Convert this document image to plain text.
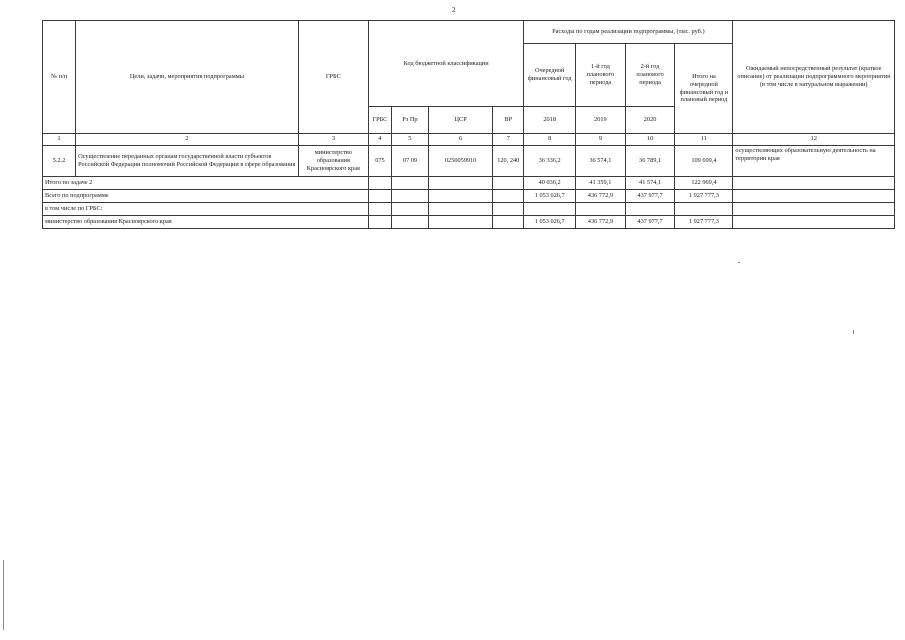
2
№ п/п	Цели, задачи, мероприятия подпрограммы	ГРБС	Код бюджетной классификации				Расходы по годам реализации подпрограммы, (тыс. руб.)				Ожидаемый непосредственный результат (краткое описание) от реализации подпрограммного мероприятия (в том числе в натуральном выражении)
							Очередной финансовый год	1-й год планового периода	2-й год планового периода	Итого на очередной финансовый год и плановый период	
			ГРБС	Рз Пр	ЦСР	ВР	2018	2019	2020		
1	2	3	4	5	6	7	8	9	10	11	12
5.2.2	Осуществление переданных органам государственной власти субъектов Российской Федерации полномочий Российской Федерации в сфере образования	министерство образования Красноярского края	075	07 09	0250059910	120, 240	36 336,2	36 574,1	36 789,1	109 699,4	осуществляющих образовательную деятельность на территории края
Итого по задаче 2							40 036,2	41 359,1	41 574,1	122 969,4	
Всего по подпрограмме							1 053 026,7	436 772,9	437 977,7	1 927 777,3	
в том числе по ГРБС:											
министерство образования Красноярского края							1 053 026,7	436 772,9	437 977,7	1 927 777,3	
